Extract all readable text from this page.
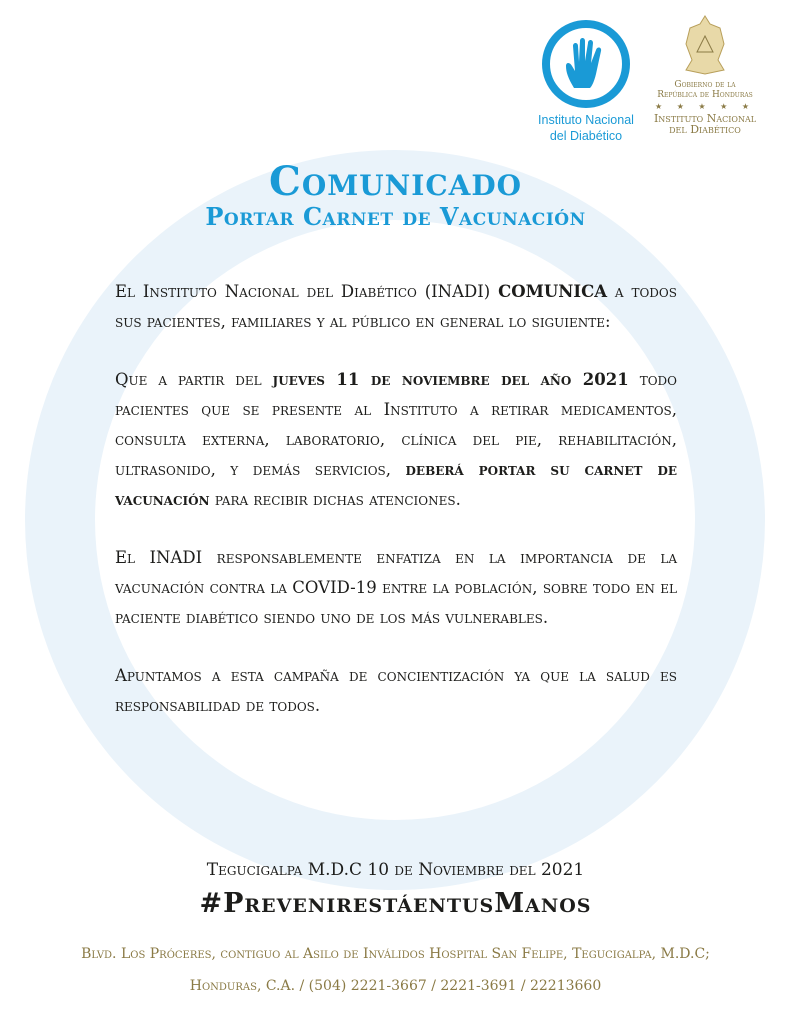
Instituto Nacional
del Diabético
Gobierno de la
República de Honduras
★ ★ ★ ★ ★
Instituto Nacional
del Diabético
Comunicado
Portar Carnet de Vacunación

El Instituto Nacional del Diabético (INADI) COMUNICA a todos sus pacientes, familiares y al público en general lo siguiente:

Que a partir del jueves 11 de noviembre del año 2021 todo pacientes que se presente al Instituto a retirar medicamentos, consulta externa, laboratorio, clínica del pie, rehabilitación, ultrasonido, y demás servicios, deberá portar su carnet de vacunación para recibir dichas atenciones.

El INADI responsablemente enfatiza en la importancia de la vacunación contra la COVID-19 entre la población, sobre todo en el paciente diabético siendo uno de los más vulnerables.

Apuntamos a esta campaña de concientización ya que la salud es responsabilidad de todos.

Tegucigalpa M.D.C 10 de Noviembre del 2021
#PrevenirestáentusManos
Blvd. Los Próceres, contiguo al Asilo de Inválidos Hospital San Felipe, Tegucigalpa, M.D.C;
Honduras, C.A. / (504) 2221-3667 / 2221-3691 / 22213660
